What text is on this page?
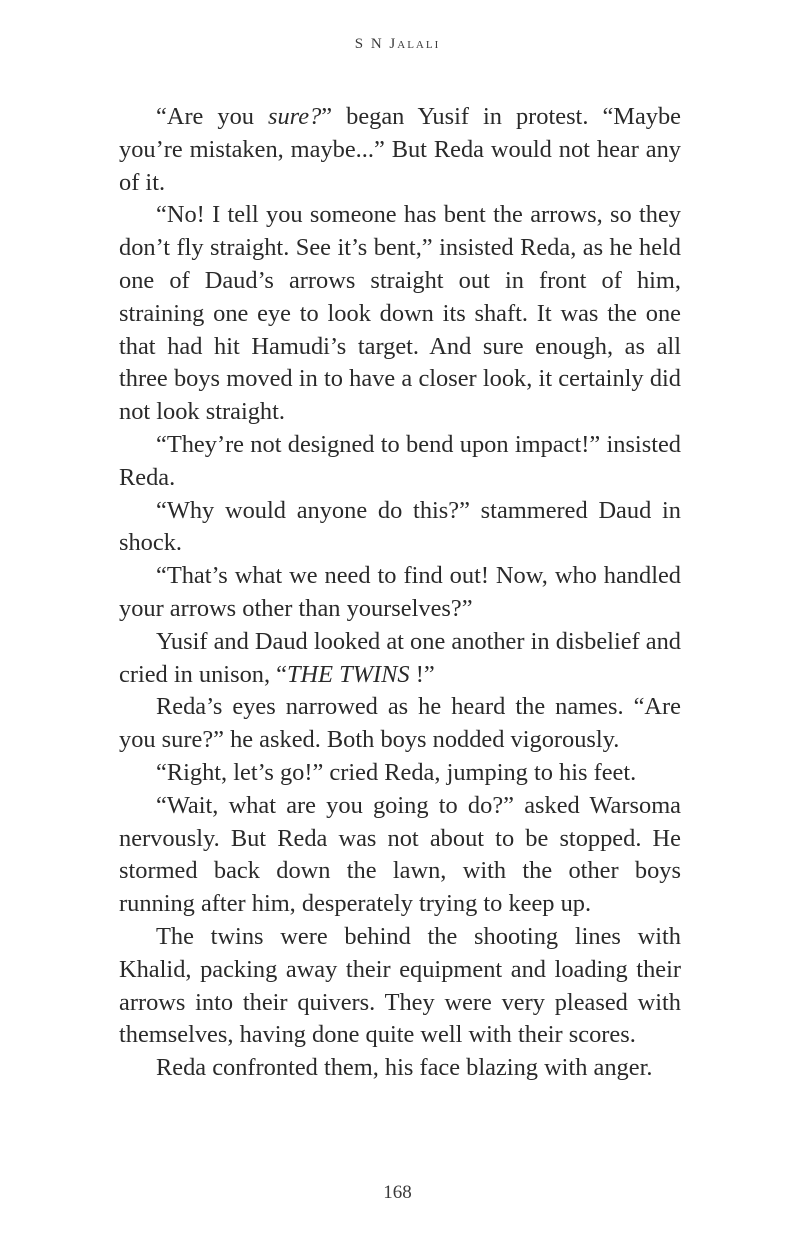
S N Jalali

“Are you sure?” began Yusif in protest. “Maybe you’re mistaken, maybe...” But Reda would not hear any of it.

“No! I tell you someone has bent the arrows, so they don’t fly straight. See it’s bent,” insisted Reda, as he held one of Daud’s arrows straight out in front of him, straining one eye to look down its shaft. It was the one that had hit Hamudi’s target. And sure enough, as all three boys moved in to have a closer look, it certainly did not look straight.

“They’re not designed to bend upon impact!” insisted Reda.

“Why would anyone do this?” stammered Daud in shock.

“That’s what we need to find out! Now, who handled your arrows other than yourselves?”

Yusif and Daud looked at one another in disbelief and cried in unison, “THE TWINS !”

Reda’s eyes narrowed as he heard the names. “Are you sure?” he asked. Both boys nodded vigorously.

“Right, let’s go!” cried Reda, jumping to his feet.

“Wait, what are you going to do?” asked Warsoma nervously. But Reda was not about to be stopped. He stormed back down the lawn, with the other boys running after him, desperately trying to keep up.

The twins were behind the shooting lines with Khalid, packing away their equipment and loading their arrows into their quivers. They were very pleased with themselves, having done quite well with their scores.

Reda confronted them, his face blazing with anger.

168
